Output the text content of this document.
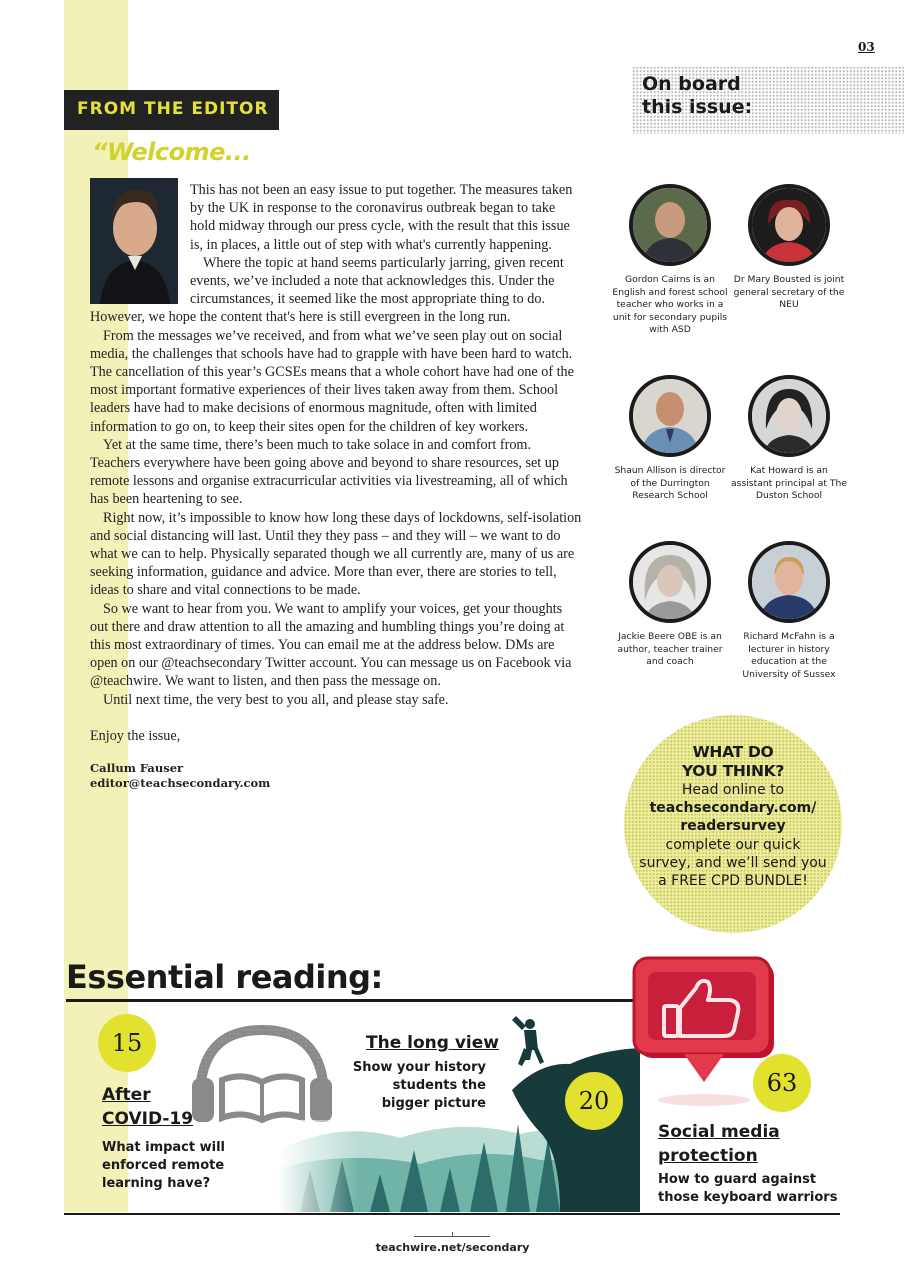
03
FROM THE EDITOR
“Welcome...

This has not been an easy issue to put together. The measures taken by the UK in response to the coronavirus outbreak began to take hold midway through our press cycle, with the result that this issue is, in places, a little out of step with what's currently happening.

Where the topic at hand seems particularly jarring, given recent events, we’ve included a note that acknowledges this. Under the circumstances, it seemed like the most appropriate thing to do. However, we hope the content that's here is still evergreen in the long run.

From the messages we’ve received, and from what we’ve seen play out on social media, the challenges that schools have had to grapple with have been hard to watch. The cancellation of this year’s GCSEs means that a whole cohort have had one of the most important formative experiences of their lives taken away from them. School leaders have had to make decisions of enormous magnitude, often with limited information to go on, to keep their sites open for the children of key workers.

Yet at the same time, there’s been much to take solace in and comfort from. Teachers everywhere have been going above and beyond to share resources, set up remote lessons and organise extracurricular activities via livestreaming, all of which has been heartening to see.

Right now, it’s impossible to know how long these days of lockdowns, self-isolation and social distancing will last. Until they they pass – and they will – we want to do what we can to help. Physically separated though we all currently are, many of us are seeking information, guidance and advice. More than ever, there are stories to tell, ideas to share and vital connections to be made.

So we want to hear from you. We want to amplify your voices, get your thoughts out there and draw attention to all the amazing and humbling things you’re doing at this most extraordinary of times. You can email me at the address below. DMs are open on our @teachsecondary Twitter account. You can message us on Facebook via @teachwire. We want to listen, and then pass the message on.

Until next time, the very best to you all, and please stay safe.

Enjoy the issue,

Callum Fauser
editor@teachsecondary.com
On board
this issue:
Gordon Cairns is an English and forest school teacher who works in a unit for secondary pupils with ASD
Dr Mary Bousted is joint general secretary of the NEU
Shaun Allison is director of the Durrington Research School
Kat Howard is an assistant principal at The Duston School
Jackie Beere OBE is an author, teacher trainer and coach
Richard McFahn is a lecturer in history education at the University of Sussex
WHAT DO
YOU THINK?
Head online to
teachsecondary.com/
readersurvey
complete our quick
survey, and we’ll send you
a FREE CPD BUNDLE!
Essential reading:
15
After
COVID-19
What impact will
enforced remote
learning have?
The long view
Show your history
students the
bigger picture	20
63
Social media
protection
How to guard against
those keyboard warriors
teachwire.net/secondary
